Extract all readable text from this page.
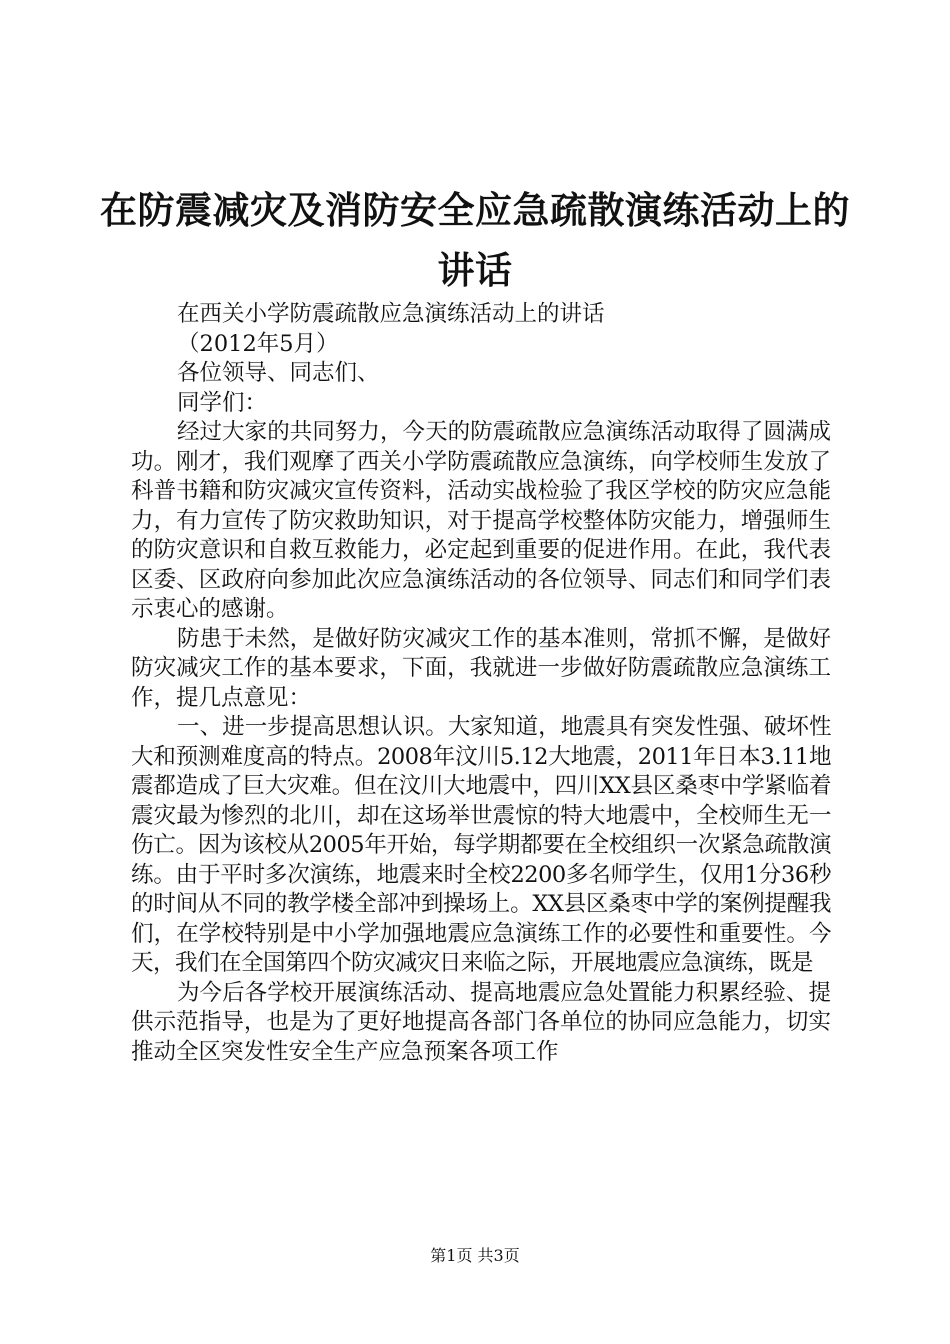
在防震减灾及消防安全应急疏散演练活动上的
讲话

在西关小学防震疏散应急演练活动上的讲话

（2012年5月）

各位领导、同志们、

同学们：

经过大家的共同努力，今天的防震疏散应急演练活动取得了圆满成功。刚才，我们观摩了西关小学防震疏散应急演练，向学校师生发放了科普书籍和防灾减灾宣传资料，活动实战检验了我区学校的防灾应急能力，有力宣传了防灾救助知识，对于提高学校整体防灾能力，增强师生的防灾意识和自救互救能力，必定起到重要的促进作用。在此，我代表区委、区政府向参加此次应急演练活动的各位领导、同志们和同学们表示衷心的感谢。

防患于未然，是做好防灾减灾工作的基本准则，常抓不懈，是做好防灾减灾工作的基本要求，下面，我就进一步做好防震疏散应急演练工作，提几点意见：

一、进一步提高思想认识。大家知道，地震具有突发性强、破坏性大和预测难度高的特点。2008年汶川5.12大地震，2011年日本3.11地震都造成了巨大灾难。但在汶川大地震中，四川XX县区桑枣中学紧临着震灾最为惨烈的北川，却在这场举世震惊的特大地震中，全校师生无一伤亡。因为该校从2005年开始，每学期都要在全校组织一次紧急疏散演练。由于平时多次演练，地震来时全校2200多名师学生，仅用1分36秒的时间从不同的教学楼全部冲到操场上。XX县区桑枣中学的案例提醒我们，在学校特别是中小学加强地震应急演练工作的必要性和重要性。今天，我们在全国第四个防灾减灾日来临之际，开展地震应急演练，既是

为今后各学校开展演练活动、提高地震应急处置能力积累经验、提供示范指导，也是为了更好地提高各部门各单位的协同应急能力，切实推动全区突发性安全生产应急预案各项工作

第1页 共3页
